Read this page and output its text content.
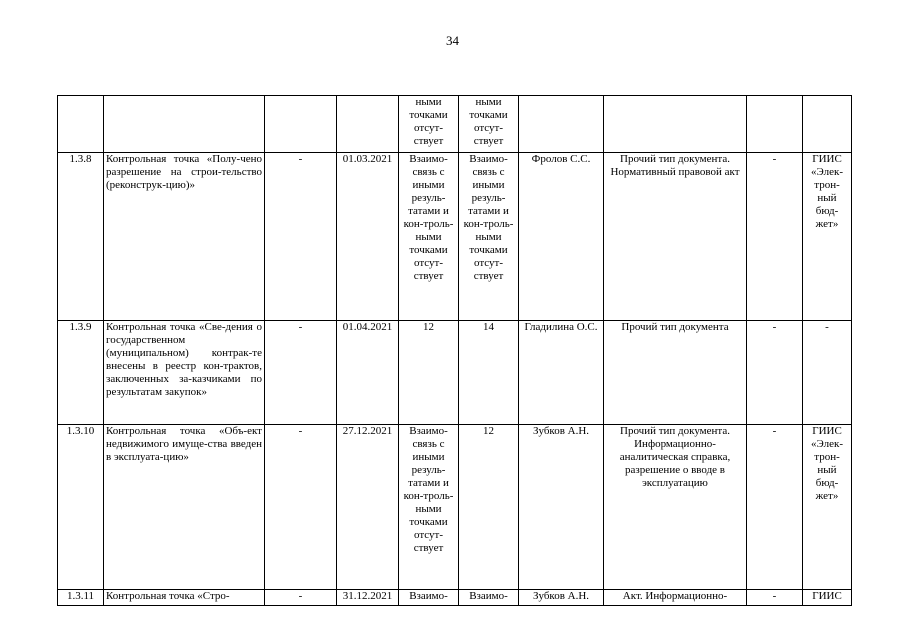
34
				ными точками отсут-ствует	ными точками отсут-ствует				
1.3.8	Контрольная точка «Полу-чено разрешение на строи-тельство (реконструк-цию)»	-	01.03.2021	Взаимо-связь с иными резуль-татами и кон-троль-ными точками отсут-ствует	Взаимо-связь с иными резуль-татами и кон-троль-ными точками отсут-ствует	Фролов С.С.	Прочий тип документа. Нормативный правовой акт	-	ГИИС «Элек-трон-ный бюд-жет»
1.3.9	Контрольная точка «Све-дения о государственном (муниципальном) контрак-те внесены в реестр кон-трактов, заключенных за-казчиками по результатам закупок»	-	01.04.2021	12	14	Гладилина О.С.	Прочий тип документа	-	-
1.3.10	Контрольная точка «Объ-ект недвижимого имуще-ства введен в эксплуата-цию»	-	27.12.2021	Взаимо-связь с иными резуль-татами и кон-троль-ными точками отсут-ствует	12	Зубков А.Н.	Прочий тип документа. Информационно-аналитическая справка, разрешение о вводе в эксплуатацию	-	ГИИС «Элек-трон-ный бюд-жет»
1.3.11	Контрольная точка «Стро-	-	31.12.2021	Взаимо-	Взаимо-	Зубков А.Н.	Акт. Информационно-	-	ГИИС
